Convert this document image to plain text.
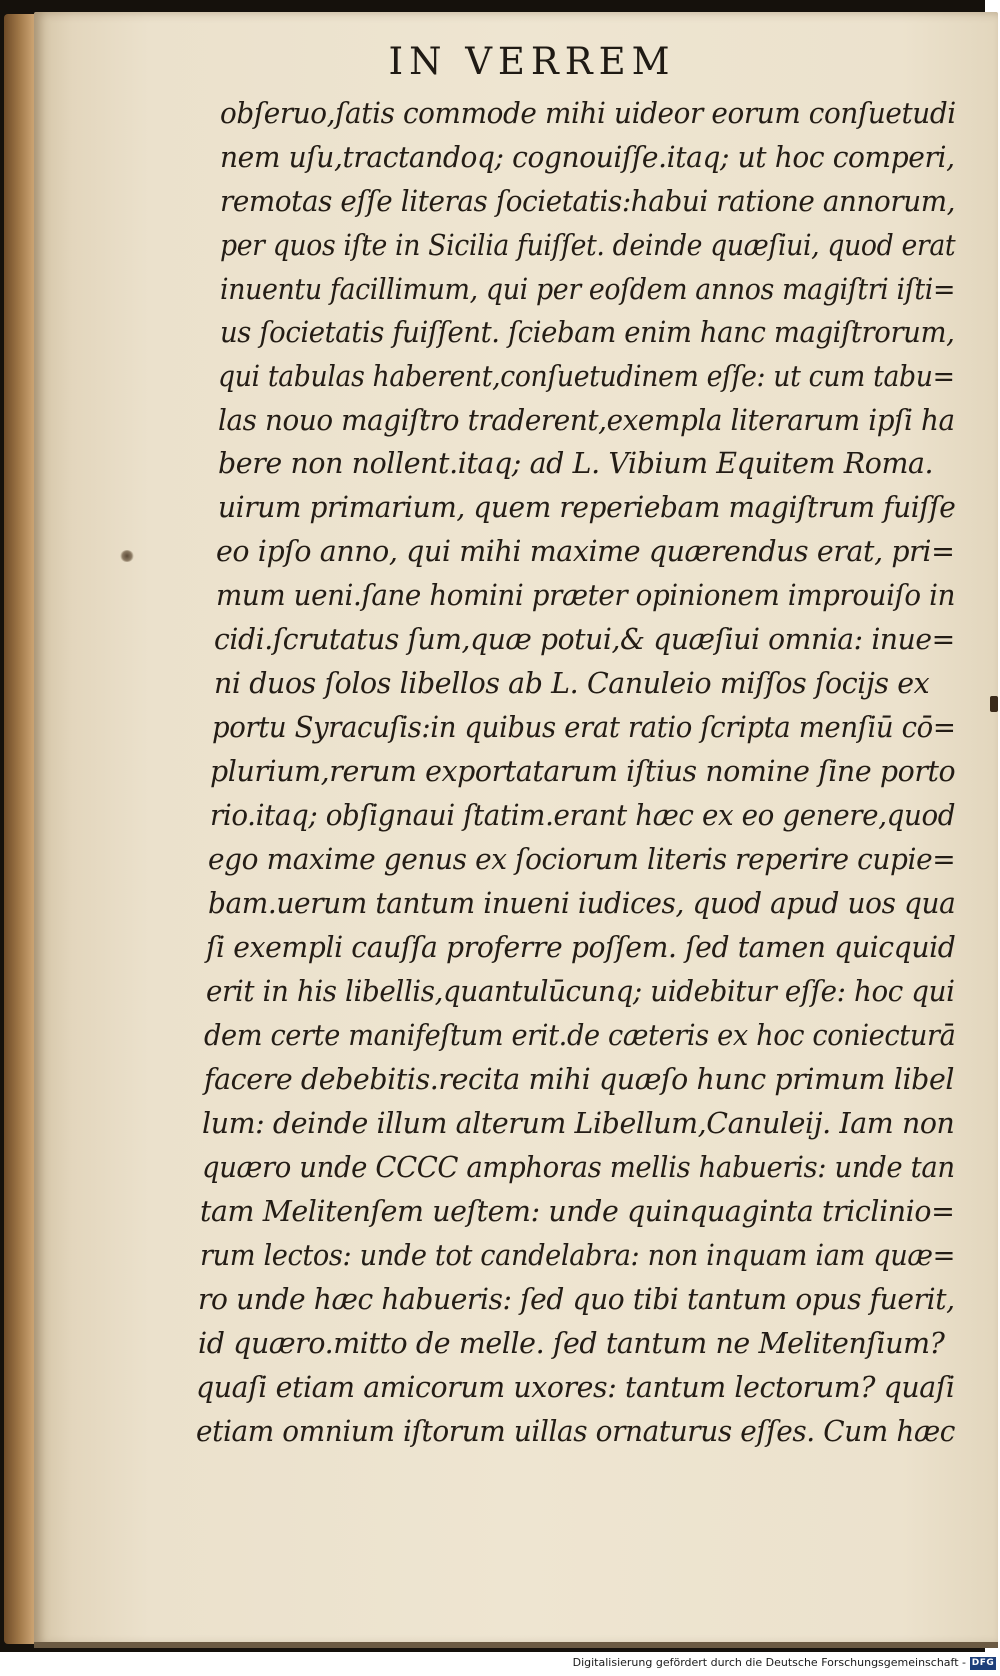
IN VERREM
obſeruo,ſatis commode mihi uideor eorum conſuetudi
nem uſu,tractandoq; cognouiſſe.itaq; ut hoc comperi,
remotas eſſe literas ſocietatis:habui ratione annorum,
per quos iſte in Sicilia fuiſſet. deinde quæſiui, quod erat
inuentu facillimum, qui per eoſdem annos magiſtri iſti=
us ſocietatis fuiſſent. ſciebam enim hanc magiſtrorum,
qui tabulas haberent,conſuetudinem eſſe: ut cum tabu=
las nouo magiſtro traderent,exempla literarum ipſi ha
bere non nollent.itaq; ad L. Vibium Equitem Roma.
uirum primarium, quem reperiebam magiſtrum fuiſſe
eo ipſo anno, qui mihi maxime quærendus erat, pri=
mum ueni.ſane homini præter opinionem improuiſo in
cidi.ſcrutatus ſum,quæ potui,& quæſiui omnia: inue=
ni duos ſolos libellos ab L. Canuleio miſſos ſocijs ex
portu Syracuſis:in quibus erat ratio ſcripta menſiū cō=
plurium,rerum exportatarum iſtius nomine ſine porto
rio.itaq; obſignaui ſtatim.erant hæc ex eo genere,quod
ego maxime genus ex ſociorum literis reperire cupie=
bam.uerum tantum inueni iudices, quod apud uos qua
ſi exempli cauſſa proferre poſſem. ſed tamen quicquid
erit in his libellis,quantulūcunq; uidebitur eſſe: hoc qui
dem certe manifeſtum erit.de cæteris ex hoc coniecturā
facere debebitis.recita mihi quæſo hunc primum libel
lum: deinde illum alterum Libellum,Canuleij. Iam non
quæro unde CCCC amphoras mellis habueris: unde tan
tam Melitenſem ueſtem: unde quinquaginta triclinio=
rum lectos: unde tot candelabra: non inquam iam quæ=
ro unde hæc habueris: ſed quo tibi tantum opus fuerit,
id quæro.mitto de melle. ſed tantum ne Melitenſium?
quaſi etiam amicorum uxores: tantum lectorum? quaſi
etiam omnium iſtorum uillas ornaturus eſſes. Cum hæc
Digitalisierung gefördert durch die Deutsche Forschungsgemeinschaft - DFG
